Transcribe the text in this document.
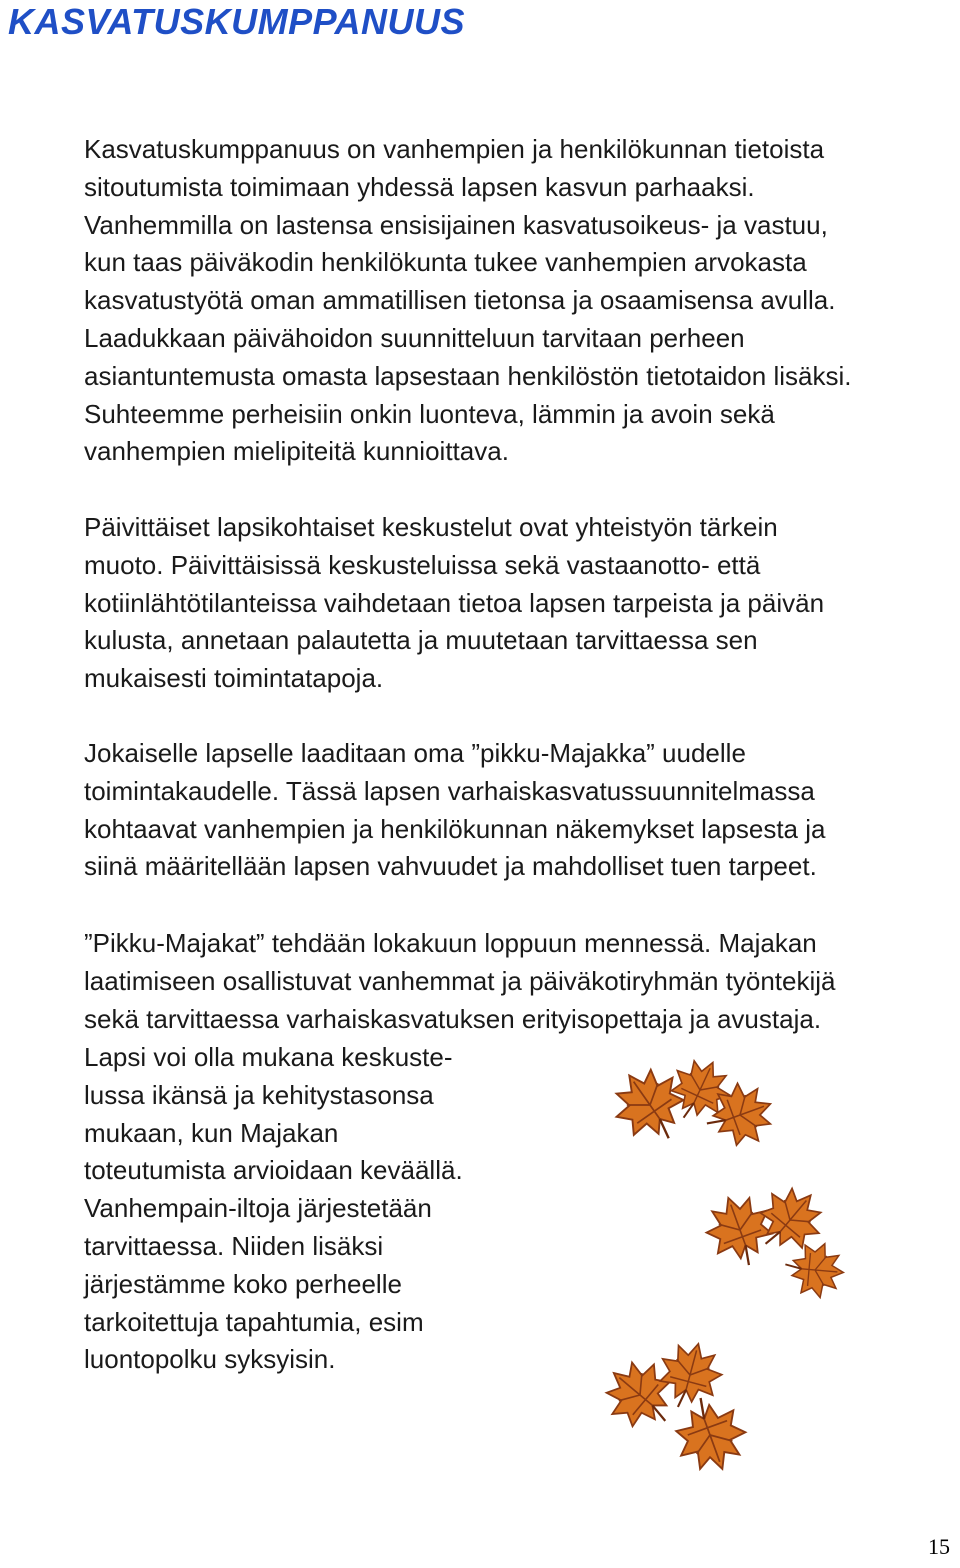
KASVATUSKUMPPANUUS

Kasvatuskumppanuus on vanhempien ja henkilökunnan tietoista
sitoutumista toimimaan yhdessä lapsen kasvun parhaaksi.
Vanhemmilla on lastensa ensisijainen kasvatusoikeus- ja vastuu,
kun taas päiväkodin henkilökunta tukee vanhempien arvokasta
kasvatustyötä oman ammatillisen tietonsa ja osaamisensa avulla.
Laadukkaan päivähoidon suunnitteluun tarvitaan perheen
asiantuntemusta omasta lapsestaan henkilöstön tietotaidon lisäksi.
Suhteemme perheisiin onkin luonteva, lämmin ja avoin sekä
vanhempien mielipiteitä kunnioittava.

Päivittäiset lapsikohtaiset keskustelut ovat yhteistyön tärkein
muoto. Päivittäisissä keskusteluissa sekä vastaanotto- että
kotiinlähtötilanteissa vaihdetaan tietoa lapsen tarpeista ja päivän
kulusta, annetaan palautetta ja muutetaan tarvittaessa sen
mukaisesti toimintatapoja.

Jokaiselle lapselle laaditaan oma ”pikku-Majakka” uudelle
toimintakaudelle. Tässä lapsen varhaiskasvatussuunnitelmassa
kohtaavat vanhempien ja henkilökunnan näkemykset lapsesta ja
siinä määritellään lapsen vahvuudet ja mahdolliset tuen tarpeet.

”Pikku-Majakat” tehdään lokakuun loppuun mennessä. Majakan
laatimiseen osallistuvat vanhemmat ja päiväkotiryhmän työntekijä
sekä tarvittaessa varhaiskasvatuksen erityisopettaja ja avustaja.

Lapsi voi olla mukana keskuste-
lussa ikänsä ja kehitystasonsa
mukaan, kun Majakan
toteutumista arvioidaan keväällä.
Vanhempain-iltoja järjestetään
tarvittaessa. Niiden lisäksi
järjestämme koko perheelle
tarkoitettuja tapahtumia, esim
luontopolku syksyisin.

15
